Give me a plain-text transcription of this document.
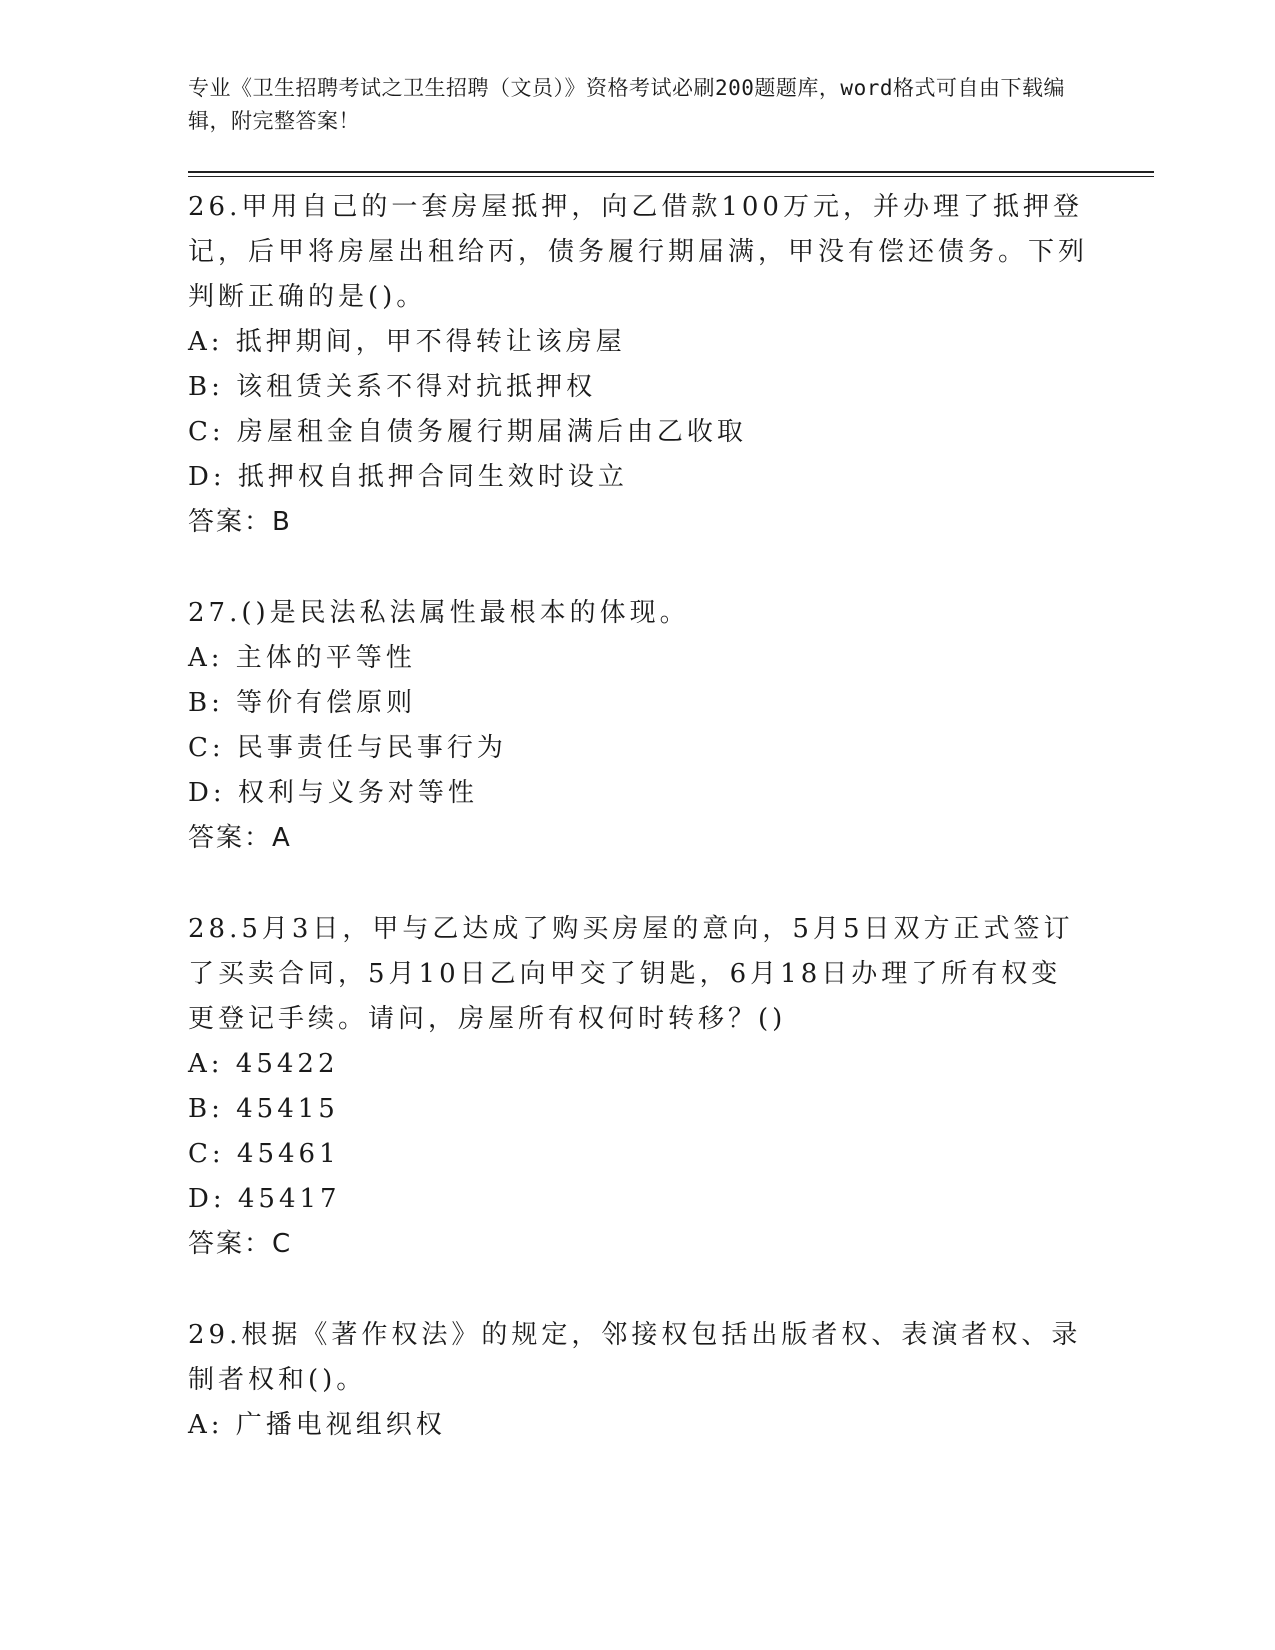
专业《卫生招聘考试之卫生招聘（文员）》资格考试必刷200题题库，word格式可自由下载编辑，附完整答案！

26.甲用自己的一套房屋抵押，向乙借款100万元，并办理了抵押登记，后甲将房屋出租给丙，债务履行期届满，甲没有偿还债务。下列判断正确的是()。

A: 抵押期间，甲不得转让该房屋

B: 该租赁关系不得对抗抵押权

C: 房屋租金自债务履行期届满后由乙收取

D: 抵押权自抵押合同生效时设立

答案：B

27.()是民法私法属性最根本的体现。

A: 主体的平等性

B: 等价有偿原则

C: 民事责任与民事行为

D: 权利与义务对等性

答案：A

28.5月3日，甲与乙达成了购买房屋的意向，5月5日双方正式签订了买卖合同，5月10日乙向甲交了钥匙，6月18日办理了所有权变更登记手续。请问，房屋所有权何时转移？()

A: 45422

B: 45415

C: 45461

D: 45417

答案：C

29.根据《著作权法》的规定，邻接权包括出版者权、表演者权、录制者权和()。

A: 广播电视组织权
